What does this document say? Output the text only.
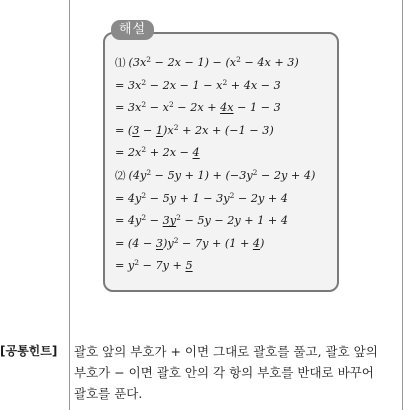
해설
⑴ $(3x^2 - 2x - 1) - (x^2 - 4x + 3)$
= $3x^2 - 2x - 1 - x^2 + 4x - 3$
= $3x^2 - x^2 - 2x + 4x - 1 - 3$
= $(3 - 1)x^2 + 2x + (-1 - 3)$
= $2x^2 + 2x - 4$
⑵ $(4y^2 - 5y + 1) + (-3y^2 - 2y + 4)$
= $4y^2 - 5y + 1 - 3y^2 - 2y + 4$
= $4y^2 - 3y^2 - 5y - 2y + 1 + 4$
= $(4 - 3)y^2 - 7y + (1 + 4)$
= $y^2 - 7y + 5$
[공통힌트] 괄호 앞의 부호가 + 이면 그대로 괄호를 풀고, 괄호 앞의
부호가 − 이면 괄호 안의 각 항의 부호를 반대로 바꾸어
괄호를 푼다.
